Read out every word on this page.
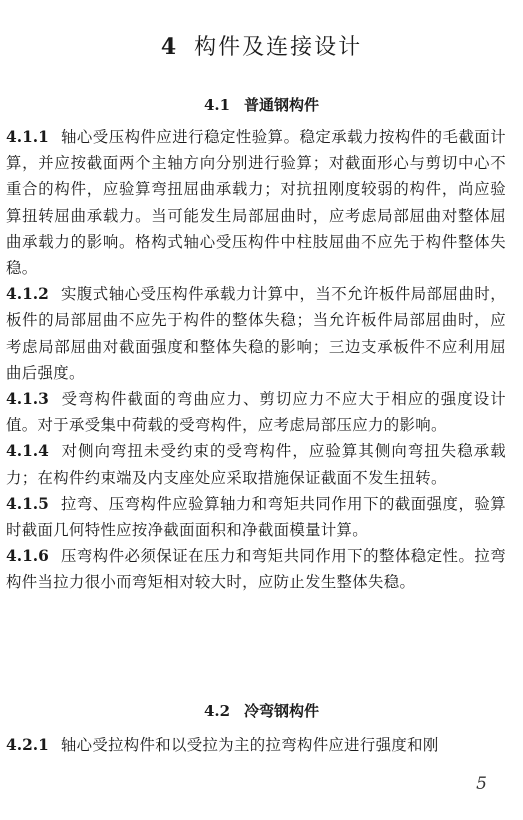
4 构件及连接设计
4.1 普通钢构件

4.1.1 轴心受压构件应进行稳定性验算。稳定承载力按构件的毛截面计算，并应按截面两个主轴方向分别进行验算；对截面形心与剪切中心不重合的构件，应验算弯扭屈曲承载力；对抗扭刚度较弱的构件，尚应验算扭转屈曲承载力。当可能发生局部屈曲时，应考虑局部屈曲对整体屈曲承载力的影响。格构式轴心受压构件中柱肢屈曲不应先于构件整体失稳。

4.1.2 实腹式轴心受压构件承载力计算中，当不允许板件局部屈曲时，板件的局部屈曲不应先于构件的整体失稳；当允许板件局部屈曲时，应考虑局部屈曲对截面强度和整体失稳的影响；三边支承板件不应利用屈曲后强度。

4.1.3 受弯构件截面的弯曲应力、剪切应力不应大于相应的强度设计值。对于承受集中荷载的受弯构件，应考虑局部压应力的影响。

4.1.4 对侧向弯扭未受约束的受弯构件，应验算其侧向弯扭失稳承载力；在构件约束端及内支座处应采取措施保证截面不发生扭转。

4.1.5 拉弯、压弯构件应验算轴力和弯矩共同作用下的截面强度，验算时截面几何特性应按净截面面积和净截面模量计算。

4.1.6 压弯构件必须保证在压力和弯矩共同作用下的整体稳定性。拉弯构件当拉力很小而弯矩相对较大时，应防止发生整体失稳。

4.2 冷弯钢构件

4.2.1 轴心受拉构件和以受拉为主的拉弯构件应进行强度和刚

5
